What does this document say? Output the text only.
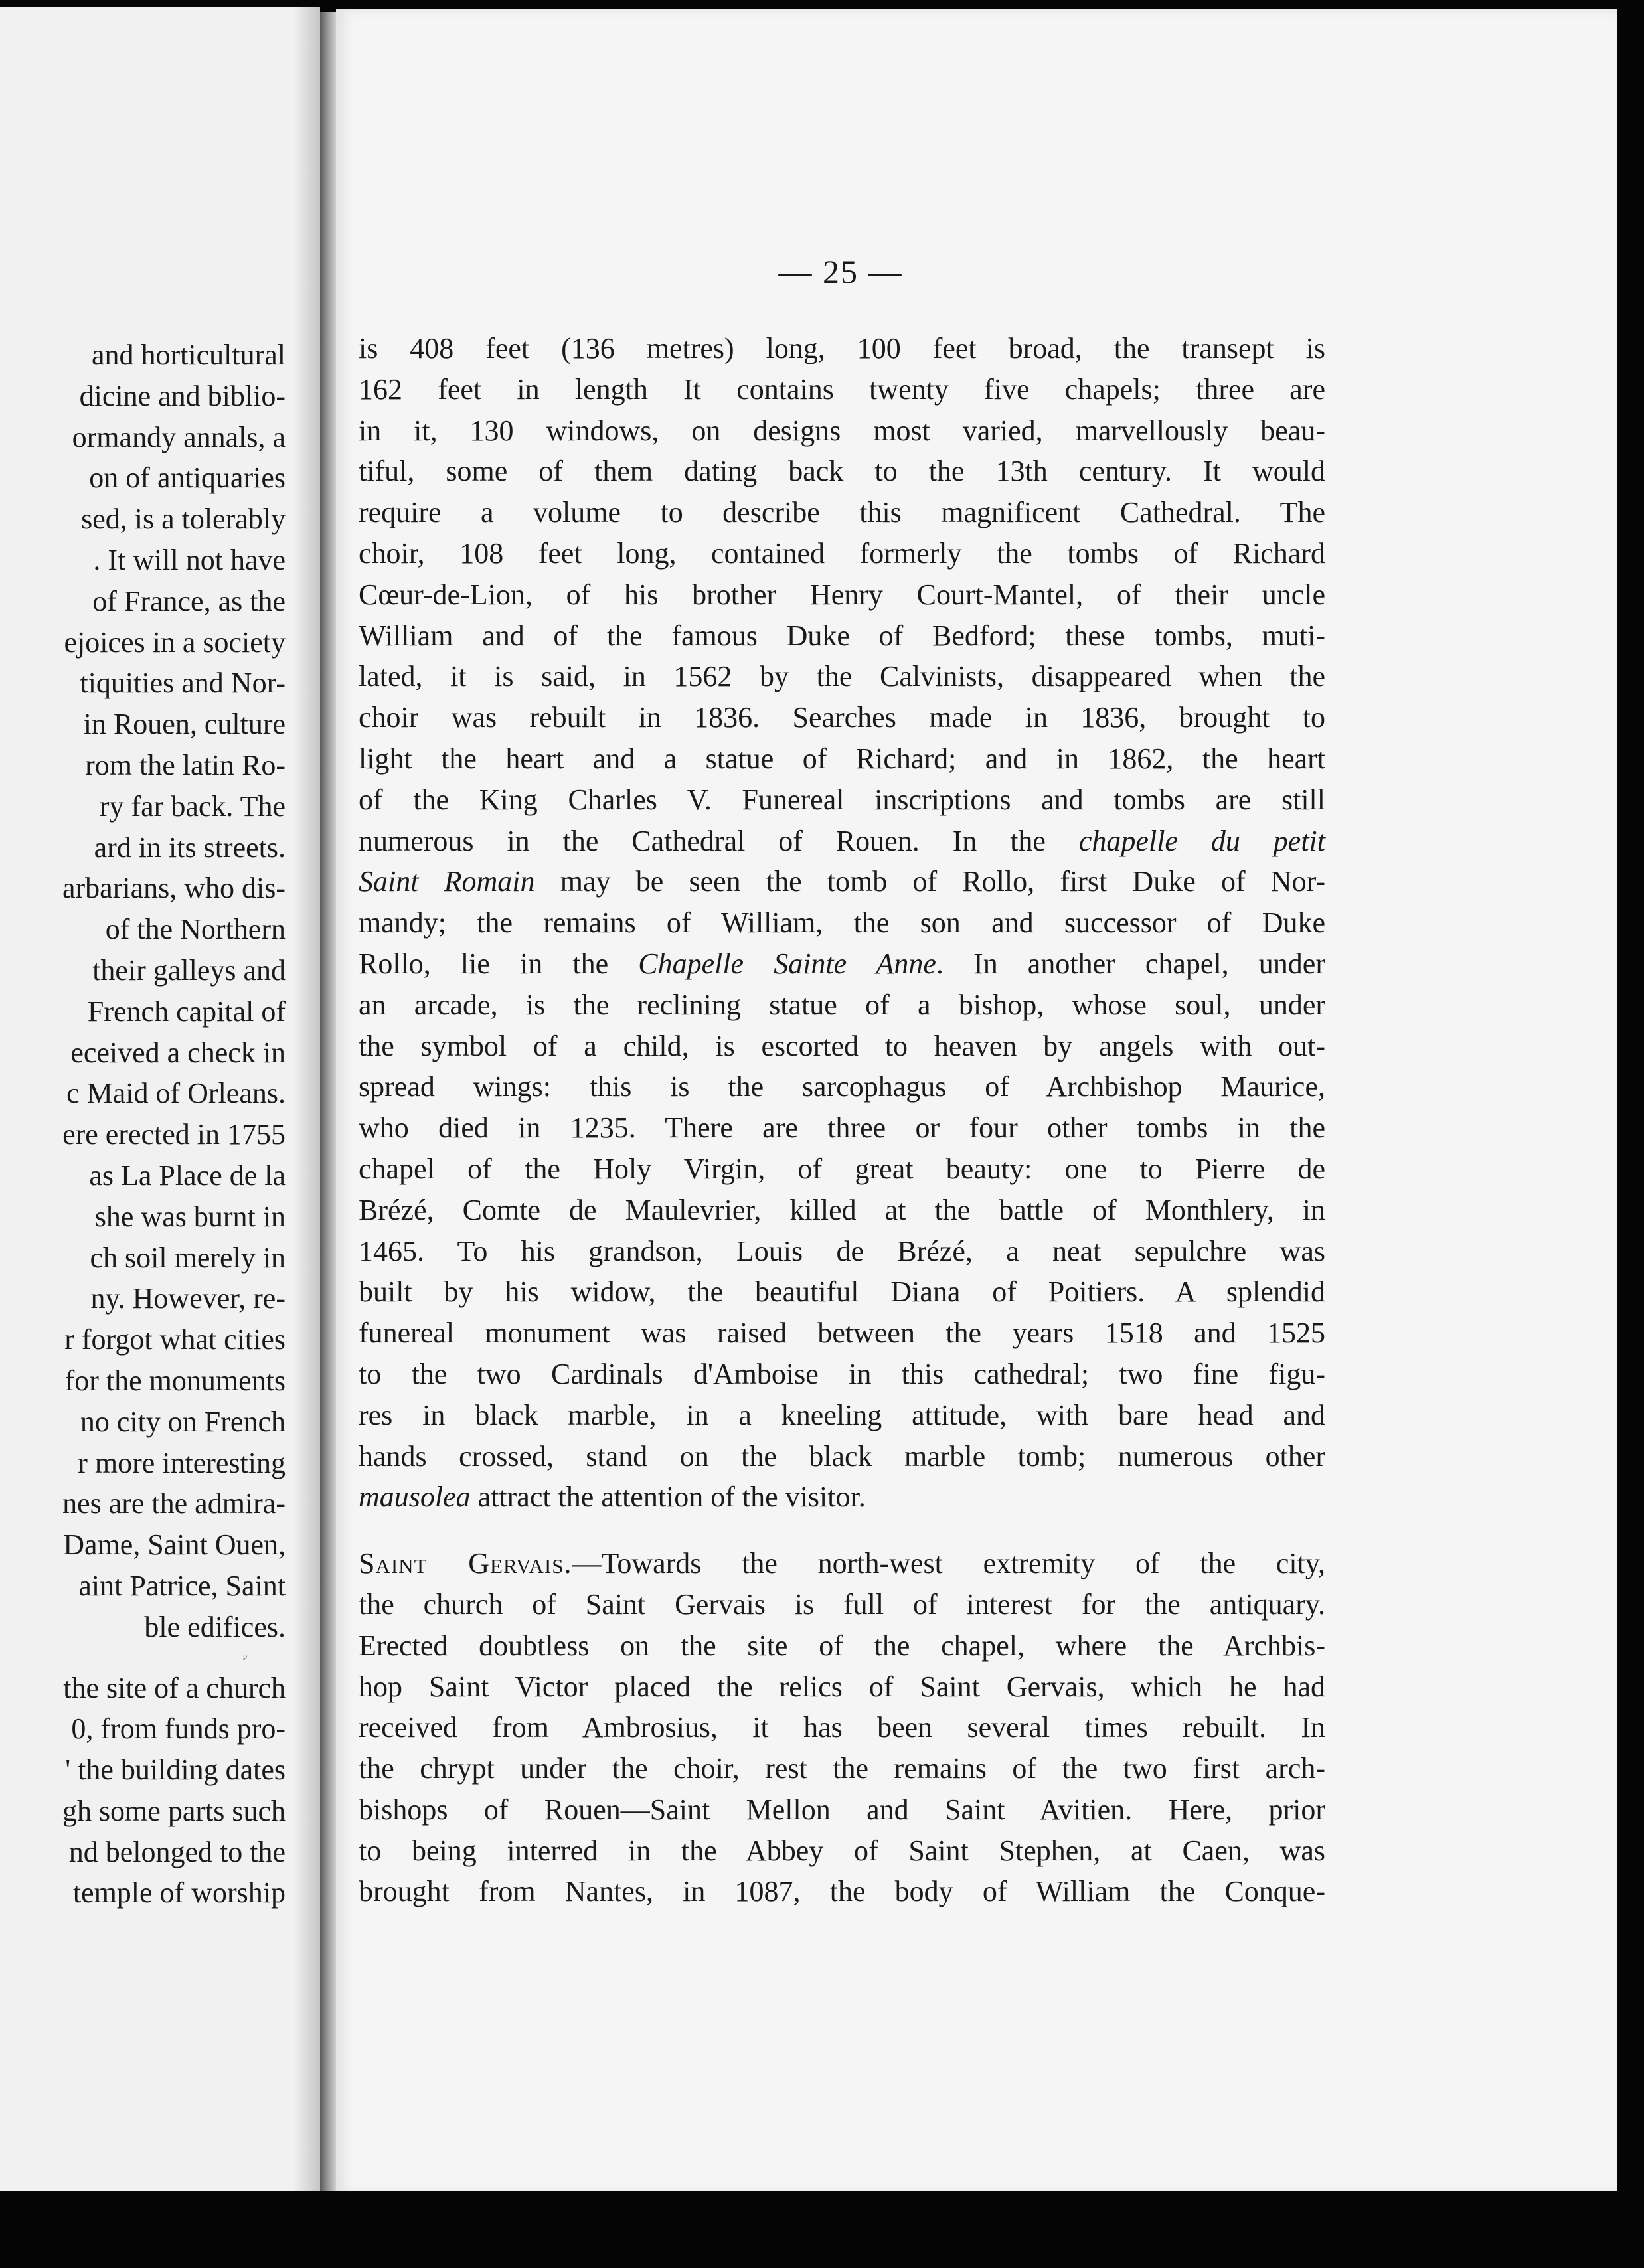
and horticultural
dicine and biblio-
ormandy annals, a
on of antiquaries
sed, is a tolerably
. It will not have
of France, as the
ejoices in a society
tiquities and Nor-
in Rouen, culture
rom the latin Ro-
ry far back. The
ard in its streets.
arbarians, who dis-
of the Northern
their galleys and
French capital of
eceived a check in
c Maid of Orleans.
ere erected in 1755
as La Place de la
she was burnt in
ch soil merely in
ny. However, re-
r forgot what cities
for the monuments
no city on French
r more interesting
nes are the admira-
Dame, Saint Ouen,
aint Patrice, Saint
ble edifices.
ᵖ
the site of a church
0, from funds pro-
' the building dates
gh some parts such
nd belonged to the
temple of worship
— 25 —
is 408 feet (136 metres) long, 100 feet broad, the transept is
162 feet in length It contains twenty five chapels; three are
in it, 130 windows, on designs most varied, marvellously beau-
tiful, some of them dating back to the 13th century. It would
require a volume to describe this magnificent Cathedral. The
choir, 108 feet long, contained formerly the tombs of Richard
Cœur-de-Lion, of his brother Henry Court-Mantel, of their uncle
William and of the famous Duke of Bedford; these tombs, muti-
lated, it is said, in 1562 by the Calvinists, disappeared when the
choir was rebuilt in 1836. Searches made in 1836, brought to
light the heart and a statue of Richard; and in 1862, the heart
of the King Charles V. Funereal inscriptions and tombs are still
numerous in the Cathedral of Rouen. In the chapelle du petit
Saint Romain may be seen the tomb of Rollo, first Duke of Nor-
mandy; the remains of William, the son and successor of Duke
Rollo, lie in the Chapelle Sainte Anne. In another chapel, under
an arcade, is the reclining statue of a bishop, whose soul, under
the symbol of a child, is escorted to heaven by angels with out-
spread wings: this is the sarcophagus of Archbishop Maurice,
who died in 1235. There are three or four other tombs in the
chapel of the Holy Virgin, of great beauty: one to Pierre de
Brézé, Comte de Maulevrier, killed at the battle of Monthlery, in
1465. To his grandson, Louis de Brézé, a neat sepulchre was
built by his widow, the beautiful Diana of Poitiers. A splendid
funereal monument was raised between the years 1518 and 1525
to the two Cardinals d'Amboise in this cathedral; two fine figu-
res in black marble, in a kneeling attitude, with bare head and
hands crossed, stand on the black marble tomb; numerous other
mausolea attract the attention of the visitor.
Saint Gervais.—Towards the north-west extremity of the city,
the church of Saint Gervais is full of interest for the antiquary.
Erected doubtless on the site of the chapel, where the Archbis-
hop Saint Victor placed the relics of Saint Gervais, which he had
received from Ambrosius, it has been several times rebuilt. In
the chrypt under the choir, rest the remains of the two first arch-
bishops of Rouen—Saint Mellon and Saint Avitien. Here, prior
to being interred in the Abbey of Saint Stephen, at Caen, was
brought from Nantes, in 1087, the body of William the Conque-
